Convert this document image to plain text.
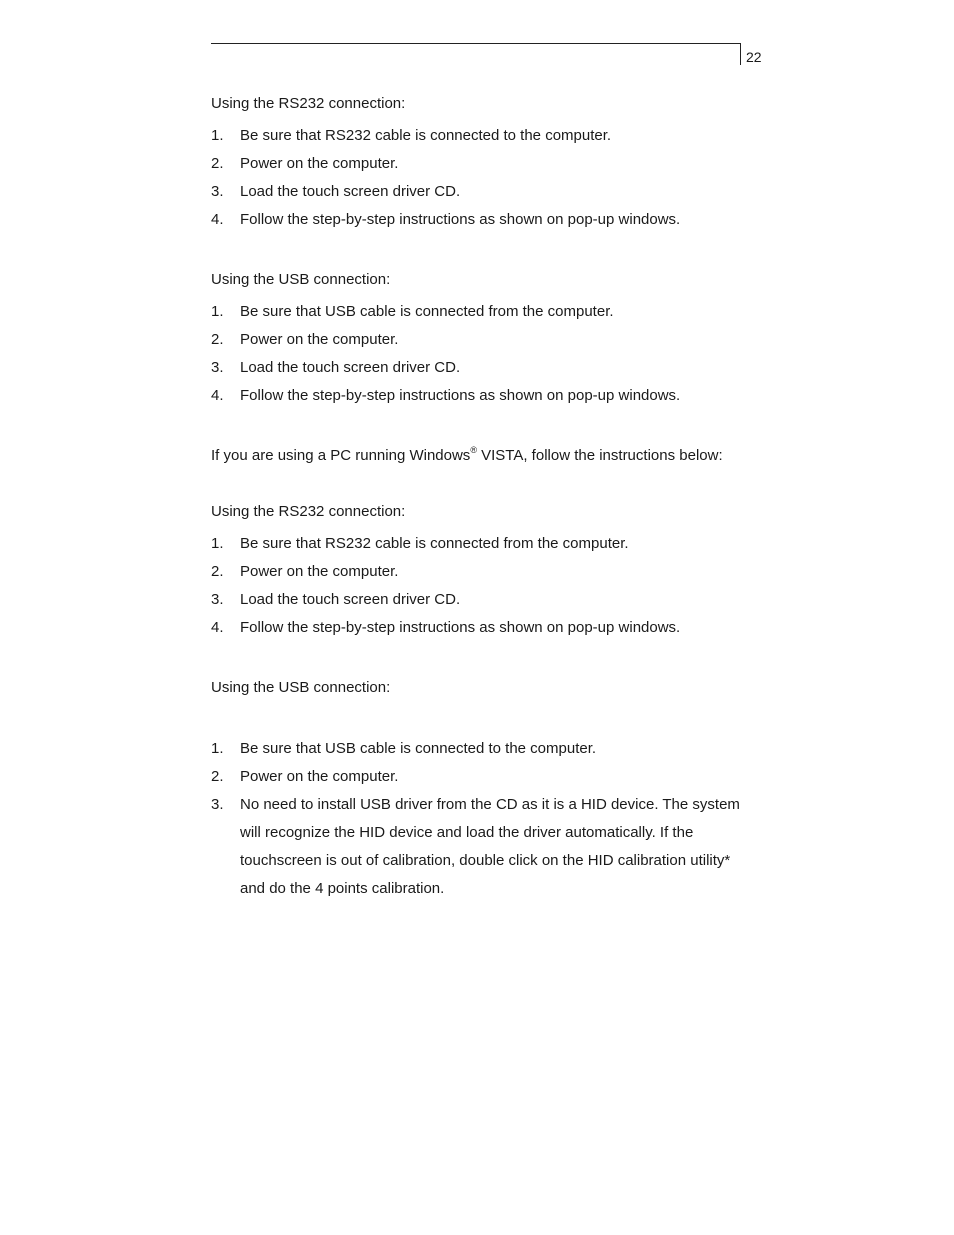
22

Using the RS232 connection:

1. Be sure that RS232 cable is connected to the computer.
2. Power on the computer.
3. Load the touch screen driver CD.
4. Follow the step-by-step instructions as shown on pop-up windows.

Using the USB connection:

1. Be sure that USB cable is connected from the computer.
2. Power on the computer.
3. Load the touch screen driver CD.
4. Follow the step-by-step instructions as shown on pop-up windows.

If you are using a PC running Windows® VISTA, follow the instructions below:

Using the RS232 connection:

1. Be sure that RS232 cable is connected from the computer.
2. Power on the computer.
3. Load the touch screen driver CD.
4. Follow the step-by-step instructions as shown on pop-up windows.

Using the USB connection:

1. Be sure that USB cable is connected to the computer.
2. Power on the computer.
3. No need to install USB driver from the CD as it is a HID device. The system will recognize the HID device and load the driver automatically. If the touchscreen is out of calibration, double click on the HID calibration utility* and do the 4 points calibration.
